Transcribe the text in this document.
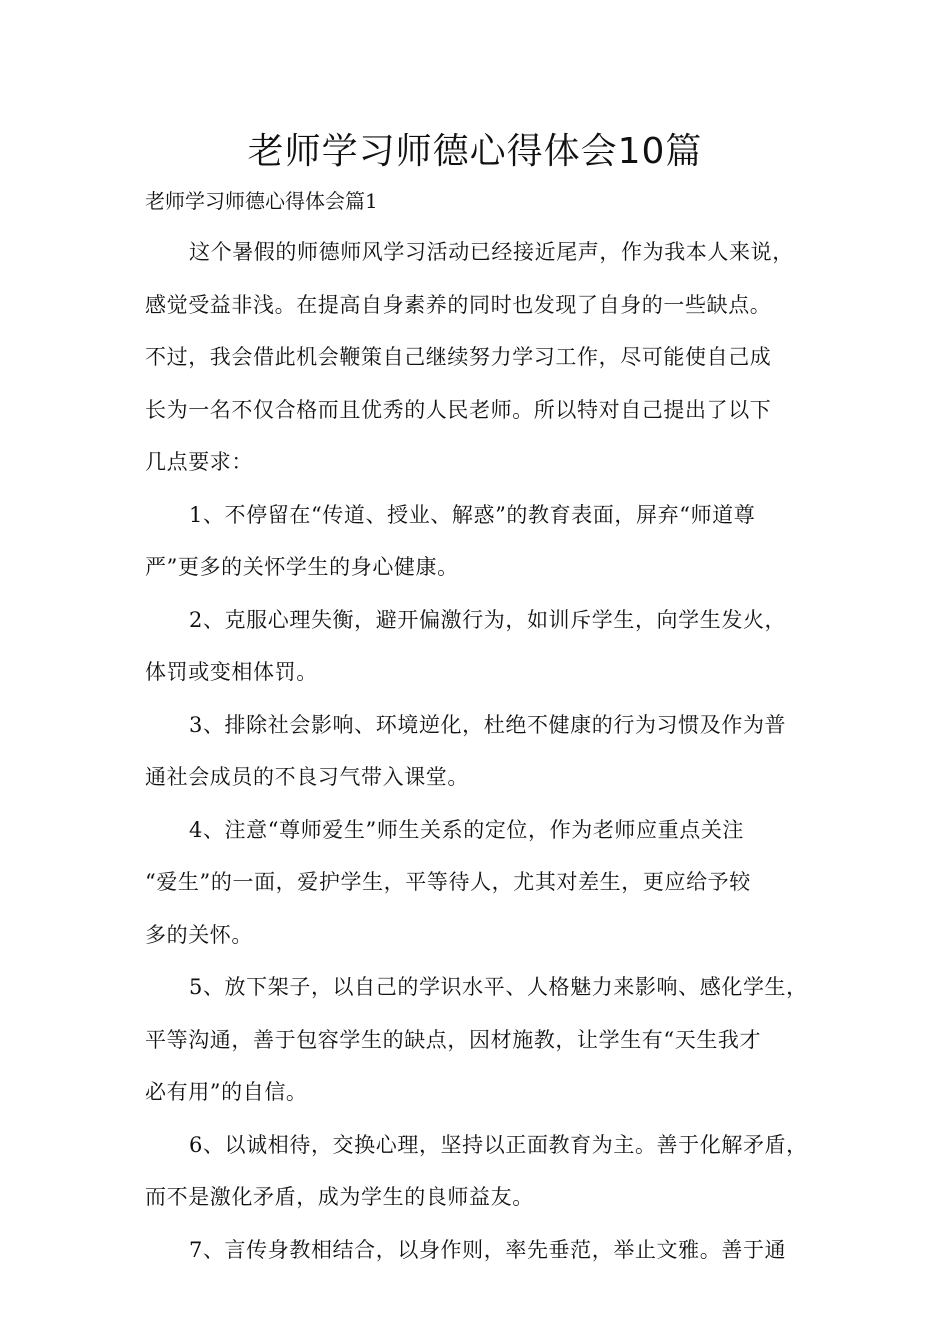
老师学习师德心得体会10篇
老师学习师德心得体会篇1
这个暑假的师德师风学习活动已经接近尾声，作为我本人来说，
感觉受益非浅。在提高自身素养的同时也发现了自身的一些缺点。
不过，我会借此机会鞭策自己继续努力学习工作，尽可能使自己成
长为一名不仅合格而且优秀的人民老师。所以特对自己提出了以下
几点要求：
1、不停留在“传道、授业、解惑”的教育表面，屏弃“师道尊
严”更多的关怀学生的身心健康。
2、克服心理失衡，避开偏激行为，如训斥学生，向学生发火，
体罚或变相体罚。
3、排除社会影响、环境逆化，杜绝不健康的行为习惯及作为普
通社会成员的不良习气带入课堂。
4、注意“尊师爱生”师生关系的定位，作为老师应重点关注
“爱生”的一面，爱护学生，平等待人，尤其对差生，更应给予较
多的关怀。
5、放下架子，以自己的学识水平、人格魅力来影响、感化学生，
平等沟通，善于包容学生的缺点，因材施教，让学生有“天生我才
必有用”的自信。
6、以诚相待，交换心理，坚持以正面教育为主。善于化解矛盾，
而不是激化矛盾，成为学生的良师益友。
7、言传身教相结合，以身作则，率先垂范，举止文雅。善于通
